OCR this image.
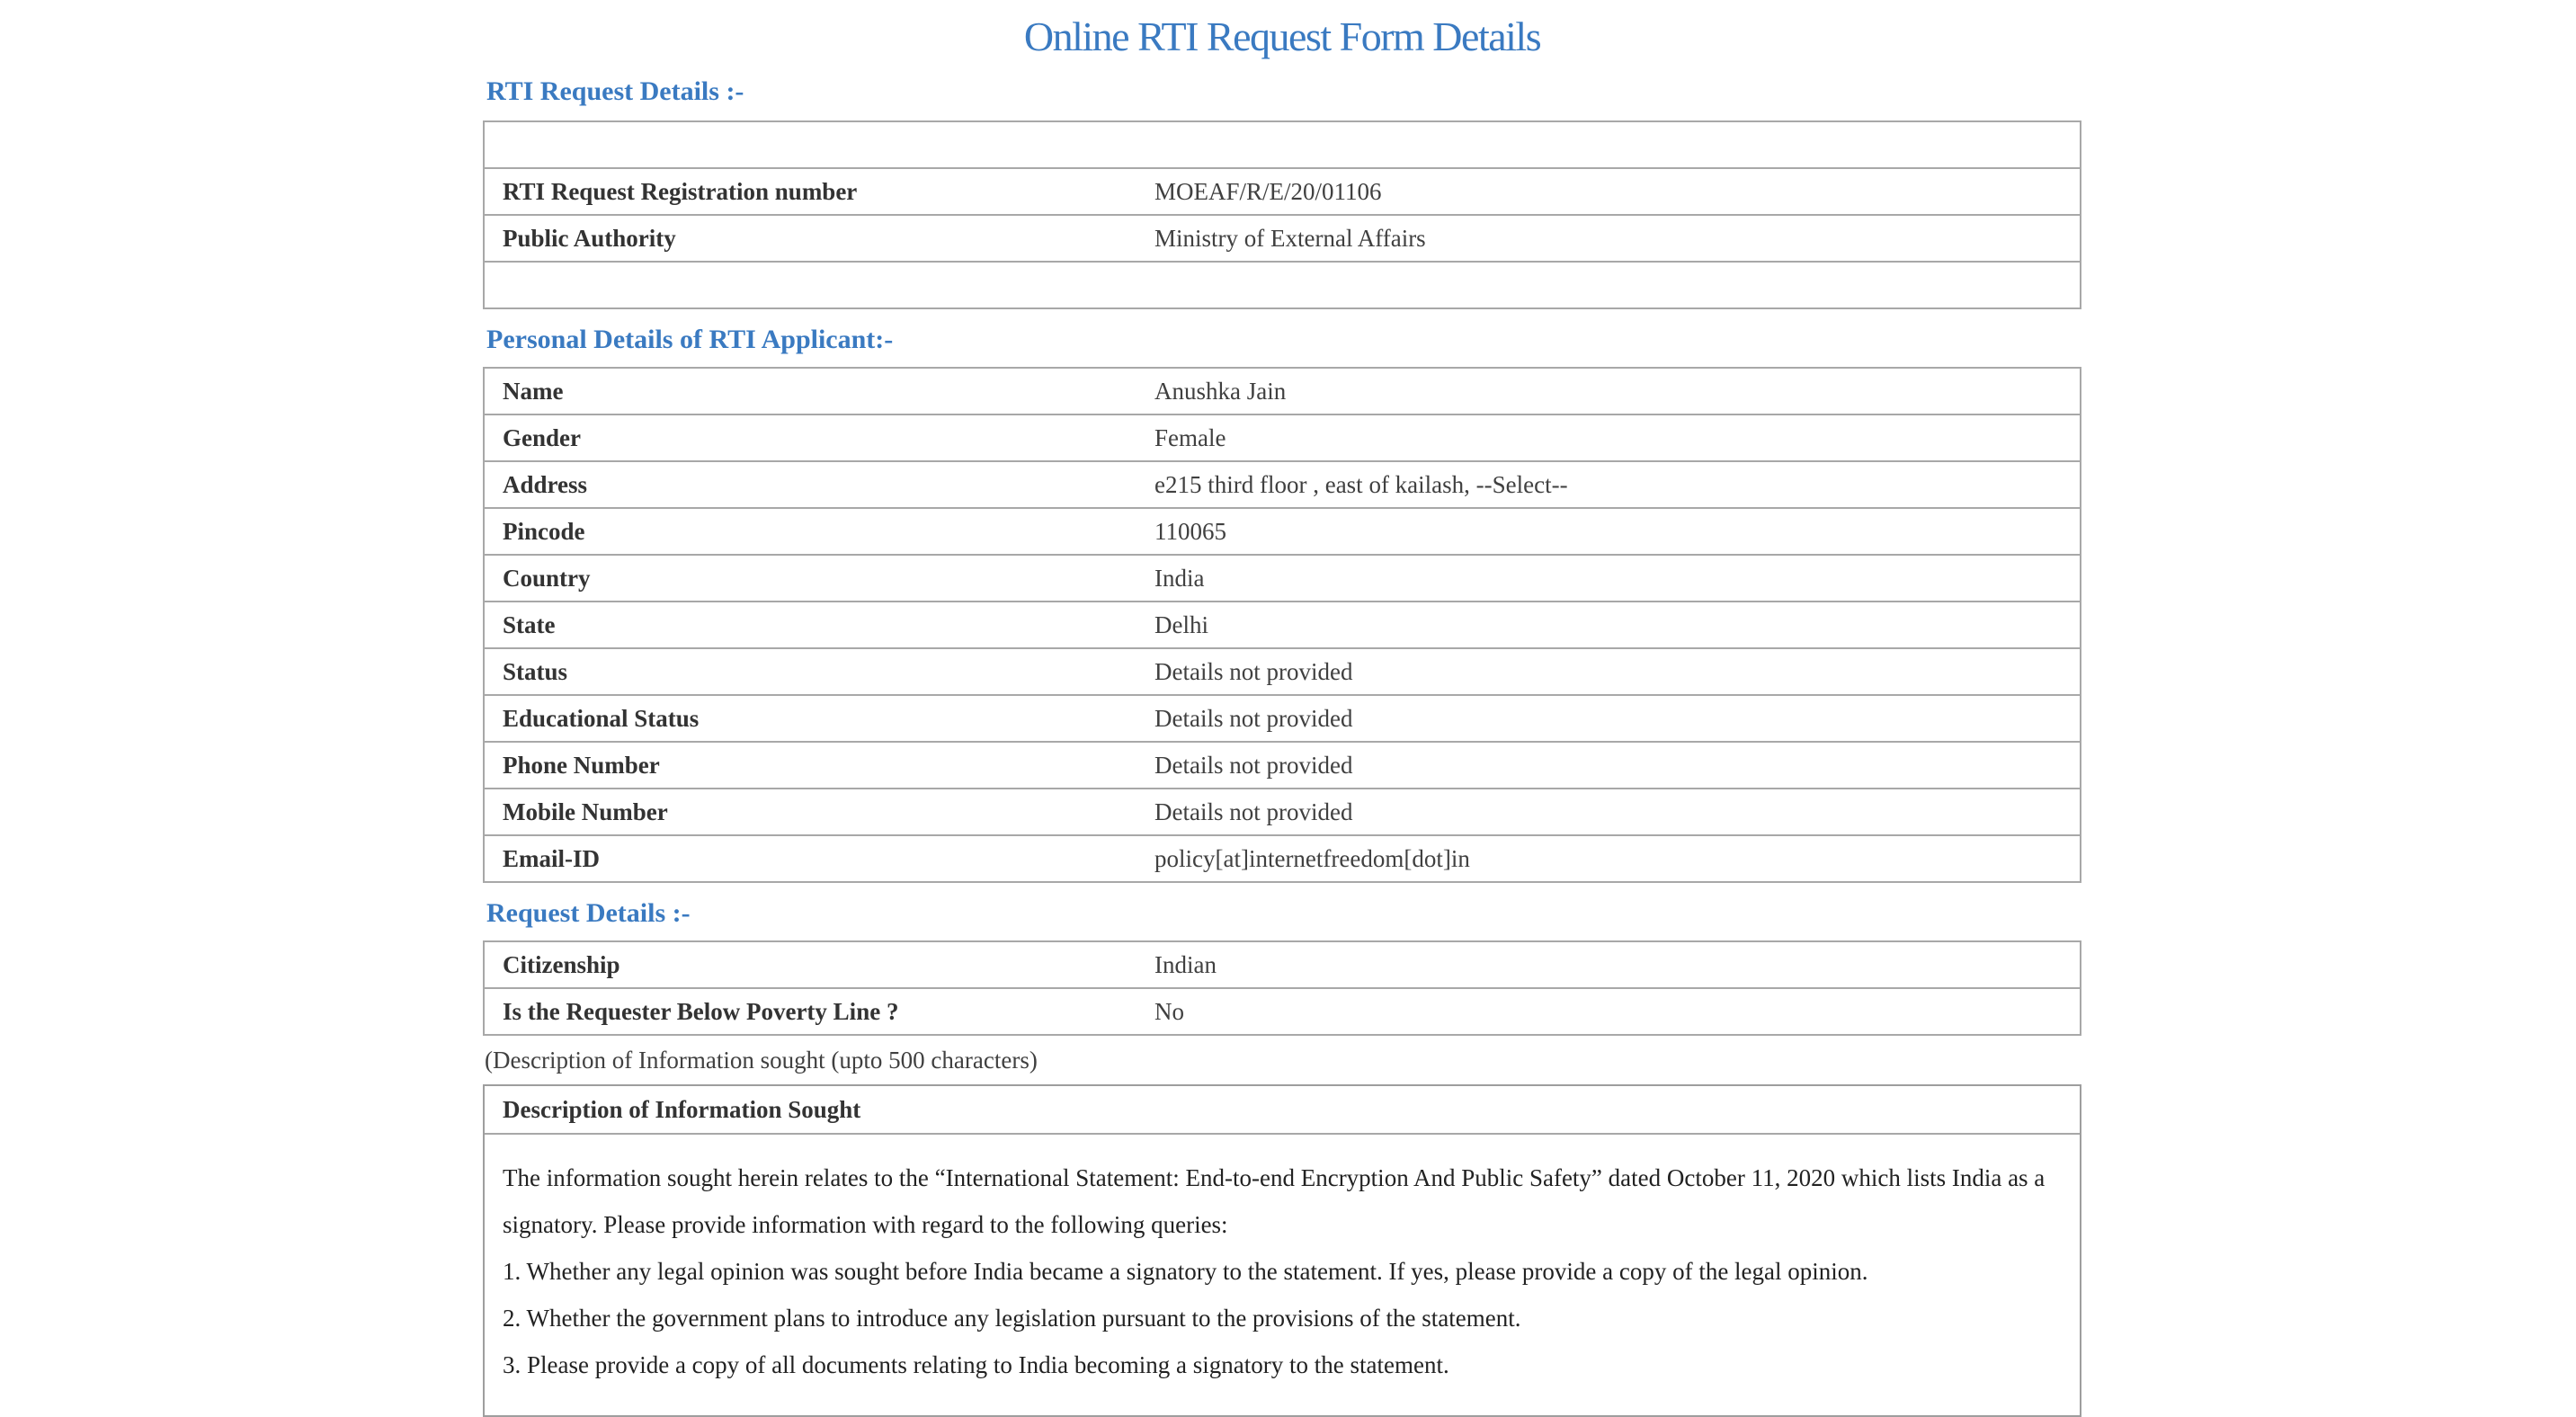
Online RTI Request Form Details
RTI Request Details :-

RTI Request Registration number	MOEAF/R/E/20/01106
Public Authority	Ministry of External Affairs

Personal Details of RTI Applicant:-
Name	Anushka Jain
Gender	Female
Address	e215 third floor , east of kailash, --Select--
Pincode	110065
Country	India
State	Delhi
Status	Details not provided
Educational Status	Details not provided
Phone Number	Details not provided
Mobile Number	Details not provided
Email-ID	policy[at]internetfreedom[dot]in
Request Details :-
Citizenship	Indian
Is the Requester Below Poverty Line ?	No
(Description of Information sought (upto 500 characters)
Description of Information Sought

The information sought herein relates to the “International Statement: End-to-end Encryption And Public Safety” dated October 11, 2020 which lists India as a signatory. Please provide information with regard to the following queries:

1. Whether any legal opinion was sought before India became a signatory to the statement. If yes, please provide a copy of the legal opinion.

2. Whether the government plans to introduce any legislation pursuant to the provisions of the statement.

3. Please provide a copy of all documents relating to India becoming a signatory to the statement.
